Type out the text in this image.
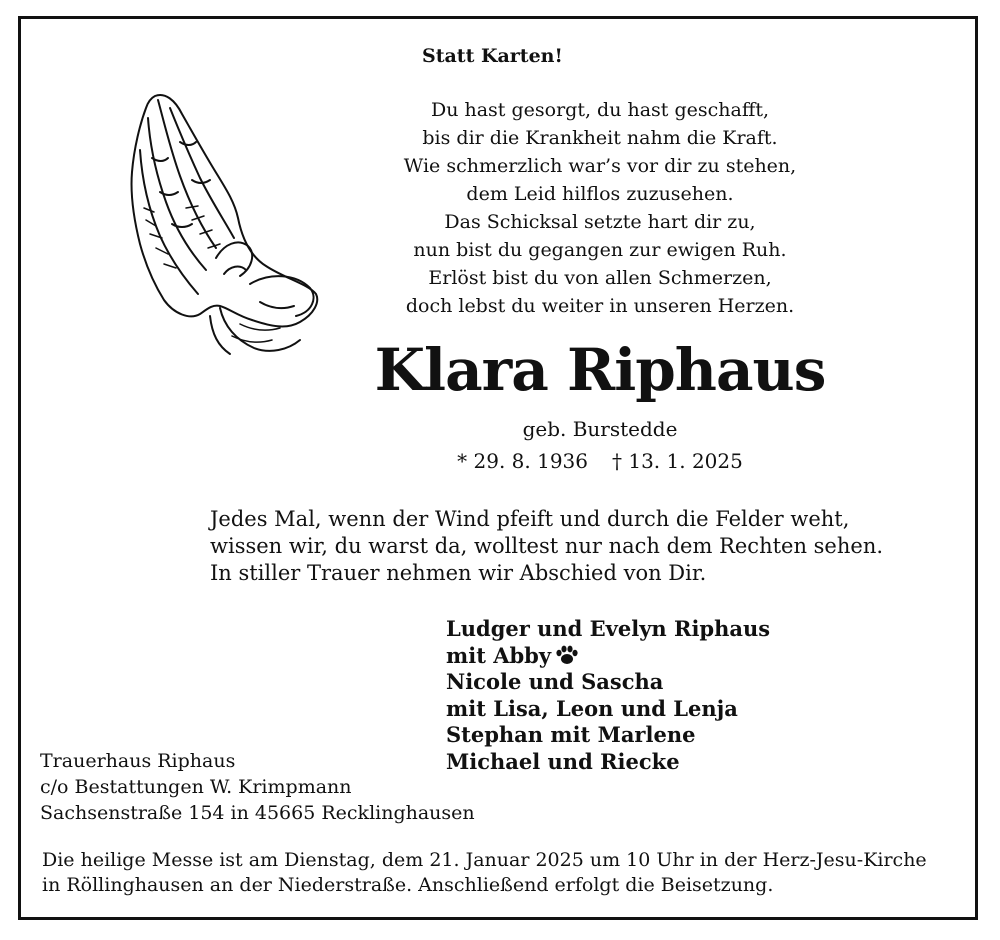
Statt Karten!
Du hast gesorgt, du hast geschafft,
bis dir die Krankheit nahm die Kraft.
Wie schmerzlich war’s vor dir zu stehen,
dem Leid hilflos zuzusehen.
Das Schicksal setzte hart dir zu,
nun bist du gegangen zur ewigen Ruh.
Erlöst bist du von allen Schmerzen,
doch lebst du weiter in unseren Herzen.
Klara Riphaus
geb. Burstedde
* 29. 8. 1936 † 13. 1. 2025
Jedes Mal, wenn der Wind pfeift und durch die Felder weht,
wissen wir, du warst da, wolltest nur nach dem Rechten sehen.
In stiller Trauer nehmen wir Abschied von Dir.
Ludger und Evelyn Riphaus
mit Abby
Nicole und Sascha
mit Lisa, Leon und Lenja
Stephan mit Marlene
Michael und Riecke
Trauerhaus Riphaus
c/o Bestattungen W. Krimpmann
Sachsenstraße 154 in 45665 Recklinghausen
Die heilige Messe ist am Dienstag, dem 21. Januar 2025 um 10 Uhr in der Herz-Jesu-Kirche
in Röllinghausen an der Niederstraße. Anschließend erfolgt die Beisetzung.
